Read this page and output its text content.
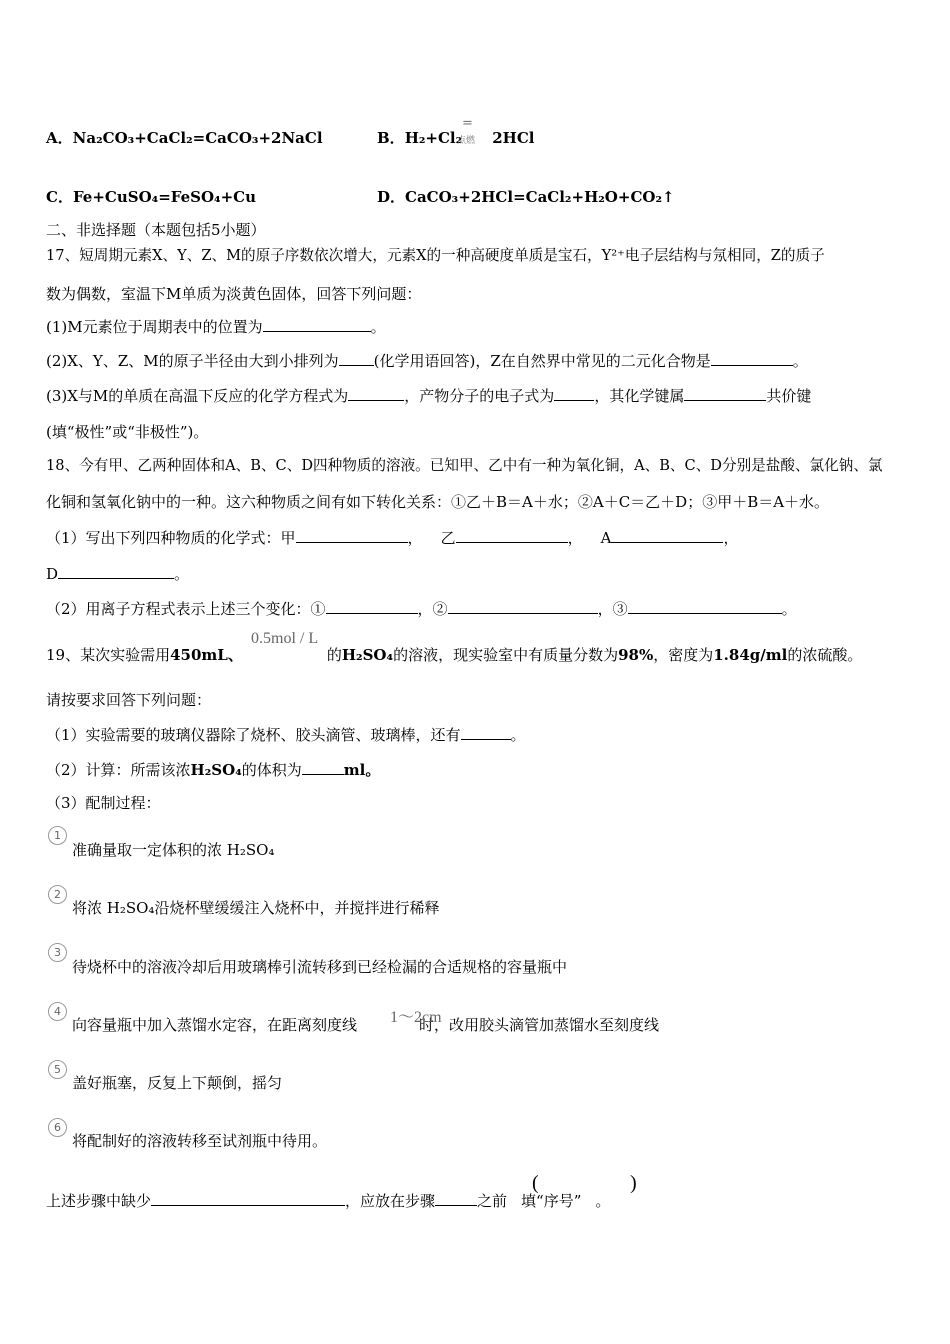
A．Na₂CO₃+CaCl₂=CaCO₃+2NaCl	B．H₂+Cl₂ 2HCl
=
点燃
C．Fe+CuSO₄=FeSO₄+Cu	D．CaCO₃+2HCl=CaCl₂+H₂O+CO₂↑
二、非选择题（本题包括5小题）
17、短周期元素X、Y、Z、M的原子序数依次增大，元素X的一种高硬度单质是宝石，Y²⁺电子层结构与氖相同，Z的质子
数为偶数，室温下M单质为淡黄色固体，回答下列问题：
(1)M元素位于周期表中的位置为	。
(2)X、Y、Z、M的原子半径由大到小排列为 (化学用语回答)，Z在自然界中常见的二元化合物是	。
(3)X与M的单质在高温下反应的化学方程式为	，产物分子的电子式为	，其化学键属	共价键
(填“极性”或“非极性”)。
18、今有甲、乙两种固体和A、B、C、D四种物质的溶液。已知甲、乙中有一种为氧化铜，A、B、C、D分别是盐酸、氯化钠、氯
化铜和氢氧化钠中的一种。这六种物质之间有如下转化关系：①乙＋B＝A＋水；②A＋C＝乙＋D；③甲＋B＝A＋水。
（1）写出下列四种物质的化学式：甲	， 乙	， A	，
D	。
（2）用离子方程式表示上述三个变化：①	，②	，③	。
19、某次实验需用450mL、	的H₂SO₄的溶液，现实验室中有质量分数为98%，密度为1.84g/ml的浓硫酸。
0.5mol / L
请按要求回答下列问题：
（1）实验需要的玻璃仪器除了烧杯、胶头滴管、玻璃棒，还有	。
（2）计算：所需该浓H₂SO₄的体积为	ml。
（3）配制过程：
1
准确量取一定体积的浓 H₂SO₄
2
将浓 H₂SO₄沿烧杯壁缓缓注入烧杯中，并搅拌进行稀释
3
待烧杯中的溶液冷却后用玻璃棒引流转移到已经检漏的合适规格的容量瓶中
4
向容量瓶中加入蒸馏水定容，在距离刻度线	时，改用胶头滴管加蒸馏水至刻度线
1～2cm
5
盖好瓶塞，反复上下颠倒，摇匀
6
将配制好的溶液转移至试剂瓶中待用。
上述步骤中缺少	，应放在步骤	之前 填“序号” 。
(	)
